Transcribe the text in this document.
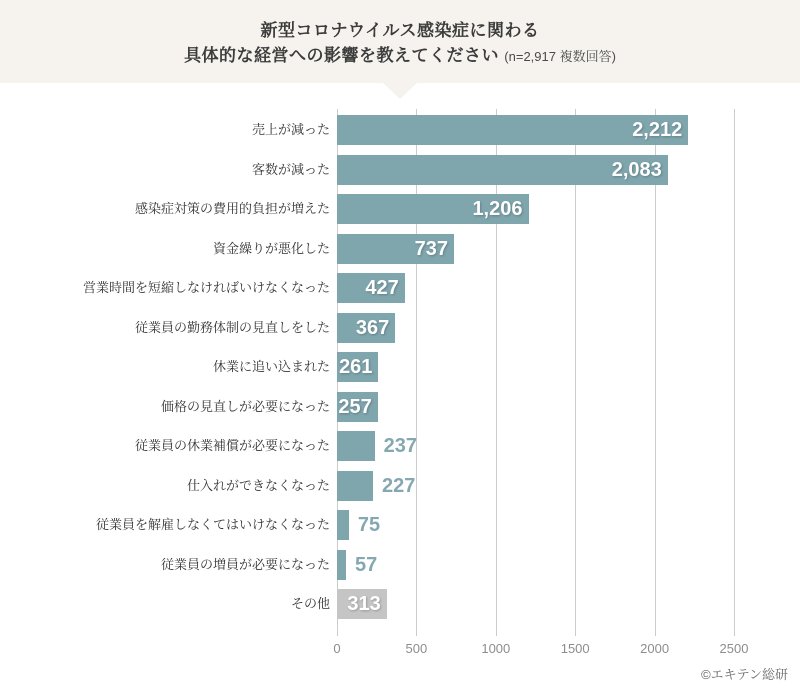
新型コロナウイルス感染症に関わる
具体的な経営への影響を教えてください (n=2,917 複数回答)
売上が減った
客数が減った
感染症対策の費用的負担が増えた
資金繰りが悪化した
営業時間を短縮しなければいけなくなった
従業員の勤務体制の見直しをした
休業に追い込まれた
価格の見直しが必要になった
従業員の休業補償が必要になった
仕入れができなくなった
従業員を解雇しなくてはいけなくなった
従業員の増員が必要になった
その他
0	500	1000	1500	2000	2500
2,212
2,083
1,206
737
427
367
261
257
237
227
75
57
313
©エキテン総研
